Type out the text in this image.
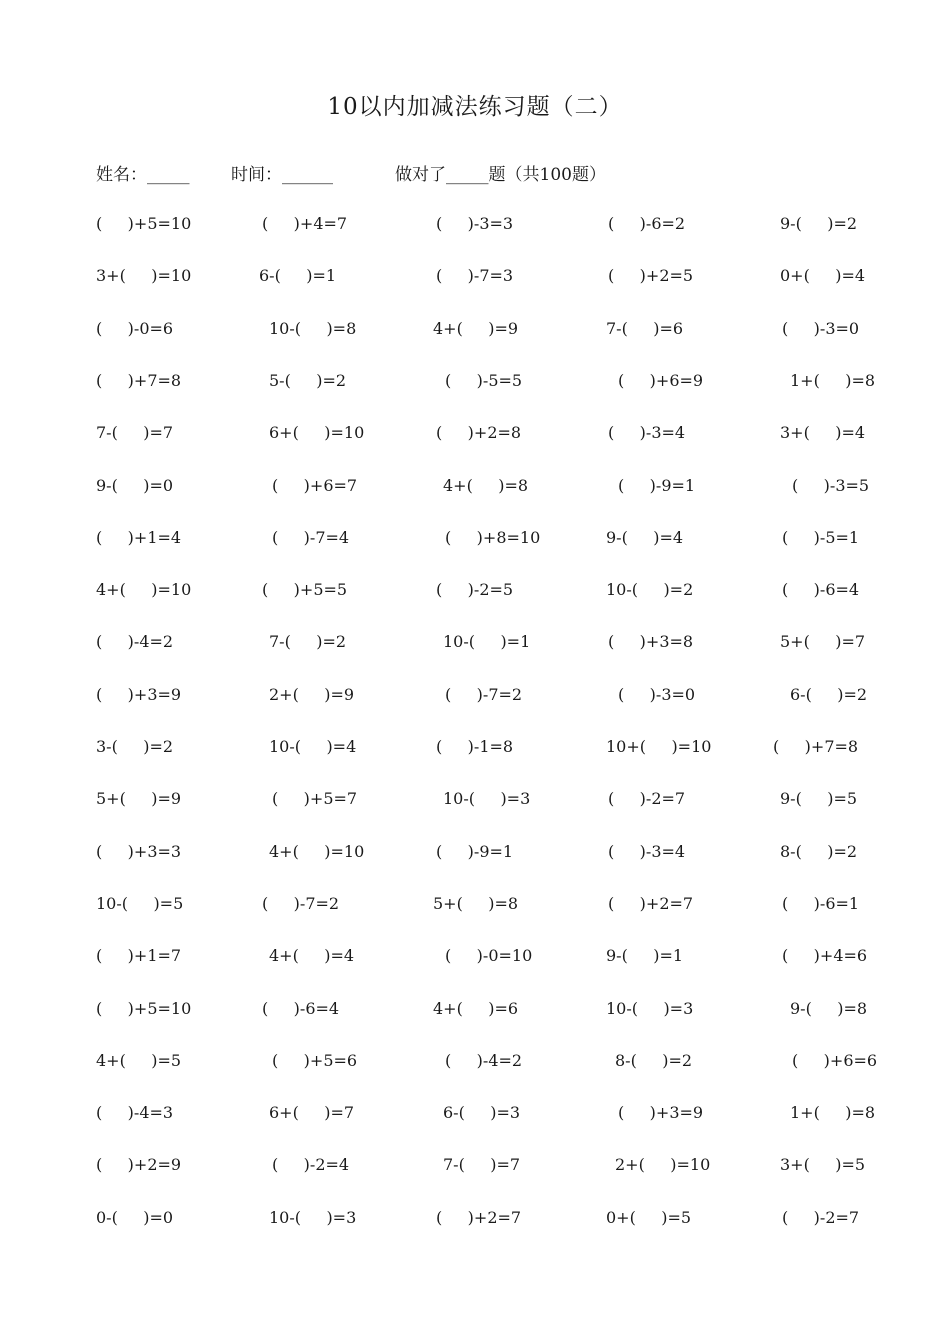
10以内加减法练习题（二）
姓名：_____ 时间：______	做对了_____题（共100题）
(     )+5=10	(     )+4=7	(     )-3=3	(     )-6=2	9-(     )=2
3+(     )=10	6-(     )=1	(     )-7=3	(     )+2=5	0+(     )=4
(     )-0=6	10-(     )=8	4+(     )=9	7-(     )=6	(     )-3=0
(     )+7=8	5-(     )=2	(     )-5=5	(     )+6=9	1+(     )=8
7-(     )=7	6+(     )=10	(     )+2=8	(     )-3=4	3+(     )=4
9-(     )=0	(     )+6=7	4+(     )=8	(     )-9=1	(     )-3=5
(     )+1=4	(     )-7=4	(     )+8=10	9-(     )=4	(     )-5=1
4+(     )=10	(     )+5=5	(     )-2=5	10-(     )=2	(     )-6=4
(     )-4=2	7-(     )=2	10-(     )=1	(     )+3=8	5+(     )=7
(     )+3=9	2+(     )=9	(     )-7=2	(     )-3=0	6-(     )=2
3-(     )=2	10-(     )=4	(     )-1=8	10+(     )=10	(     )+7=8
5+(     )=9	(     )+5=7	10-(     )=3	(     )-2=7	9-(     )=5
(     )+3=3	4+(     )=10	(     )-9=1	(     )-3=4	8-(     )=2
10-(     )=5	(     )-7=2	5+(     )=8	(     )+2=7	(     )-6=1
(     )+1=7	4+(     )=4	(     )-0=10	9-(     )=1	(     )+4=6
(     )+5=10	(     )-6=4	4+(     )=6	10-(     )=3	9-(     )=8
4+(     )=5	(     )+5=6	(     )-4=2	8-(     )=2	(     )+6=6
(     )-4=3	6+(     )=7	6-(     )=3	(     )+3=9	1+(     )=8
(     )+2=9	(     )-2=4	7-(     )=7	2+(     )=10	3+(     )=5
0-(     )=0	10-(     )=3	(     )+2=7	0+(     )=5	(     )-2=7
